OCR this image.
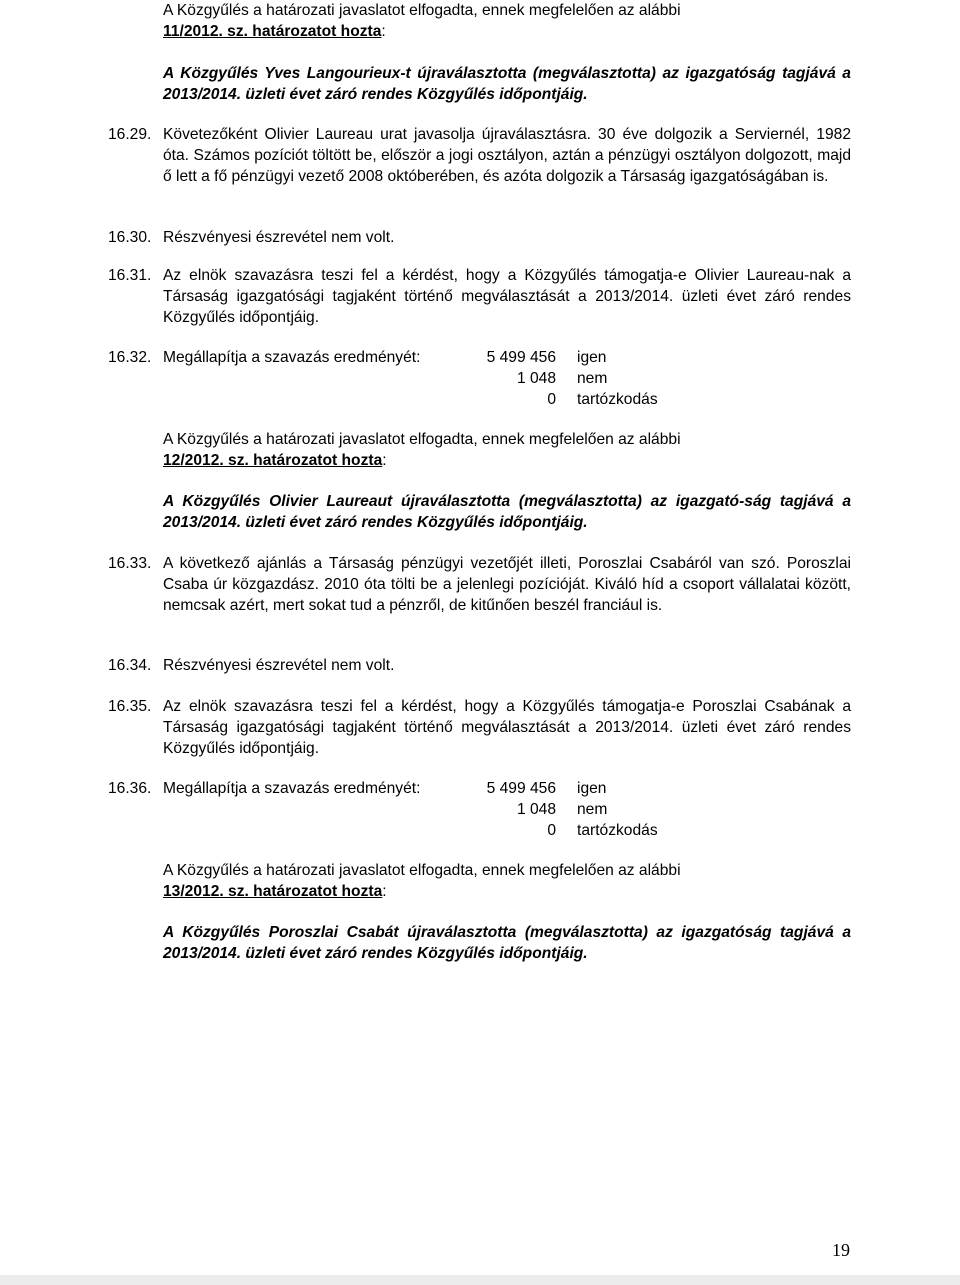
A Közgyűlés a határozati javaslatot elfogadta, ennek megfelelően az alábbi
11/2012. sz. határozatot hozta:

A Közgyűlés Yves Langourieux-t újraválasztotta (megválasztotta) az igazgatóság tagjává a 2013/2014. üzleti évet záró rendes Közgyűlés időpontjáig.

16.29. Követezőként Olivier Laureau urat javasolja újraválasztásra. 30 éve dolgozik a Serviernél, 1982 óta. Számos pozíciót töltött be, először a jogi osztályon, aztán a pénzügyi osztályon dolgozott, majd ő lett a fő pénzügyi vezető 2008 októberében, és azóta dolgozik a Társaság igazgatóságában is.

16.30. Részvényesi észrevétel nem volt.

16.31. Az elnök szavazásra teszi fel a kérdést, hogy a Közgyűlés támogatja-e Olivier Laureau-nak a Társaság igazgatósági tagjaként történő megválasztását a 2013/2014. üzleti évet záró rendes Közgyűlés időpontjáig.

16.32. Megállapítja a szavazás eredményét:	5 499 456 igen
1 048 nem
0 tartózkodás

A Közgyűlés a határozati javaslatot elfogadta, ennek megfelelően az alábbi
12/2012. sz. határozatot hozta:

A Közgyűlés Olivier Laureaut újraválasztotta (megválasztotta) az igazgató-ság tagjává a 2013/2014. üzleti évet záró rendes Közgyűlés időpontjáig.

16.33. A következő ajánlás a Társaság pénzügyi vezetőjét illeti, Poroszlai Csabáról van szó. Poroszlai Csaba úr közgazdász. 2010 óta tölti be a jelenlegi pozícióját. Kiváló híd a csoport vállalatai között, nemcsak azért, mert sokat tud a pénzről, de kitűnően beszél franciául is.

16.34. Részvényesi észrevétel nem volt.

16.35. Az elnök szavazásra teszi fel a kérdést, hogy a Közgyűlés támogatja-e Poroszlai Csabának a Társaság igazgatósági tagjaként történő megválasztását a 2013/2014. üzleti évet záró rendes Közgyűlés időpontjáig.

16.36. Megállapítja a szavazás eredményét:	5 499 456 igen
1 048 nem
0 tartózkodás

A Közgyűlés a határozati javaslatot elfogadta, ennek megfelelően az alábbi
13/2012. sz. határozatot hozta:

A Közgyűlés Poroszlai Csabát újraválasztotta (megválasztotta) az igazgatóság tagjává a 2013/2014. üzleti évet záró rendes Közgyűlés időpontjáig.

19
